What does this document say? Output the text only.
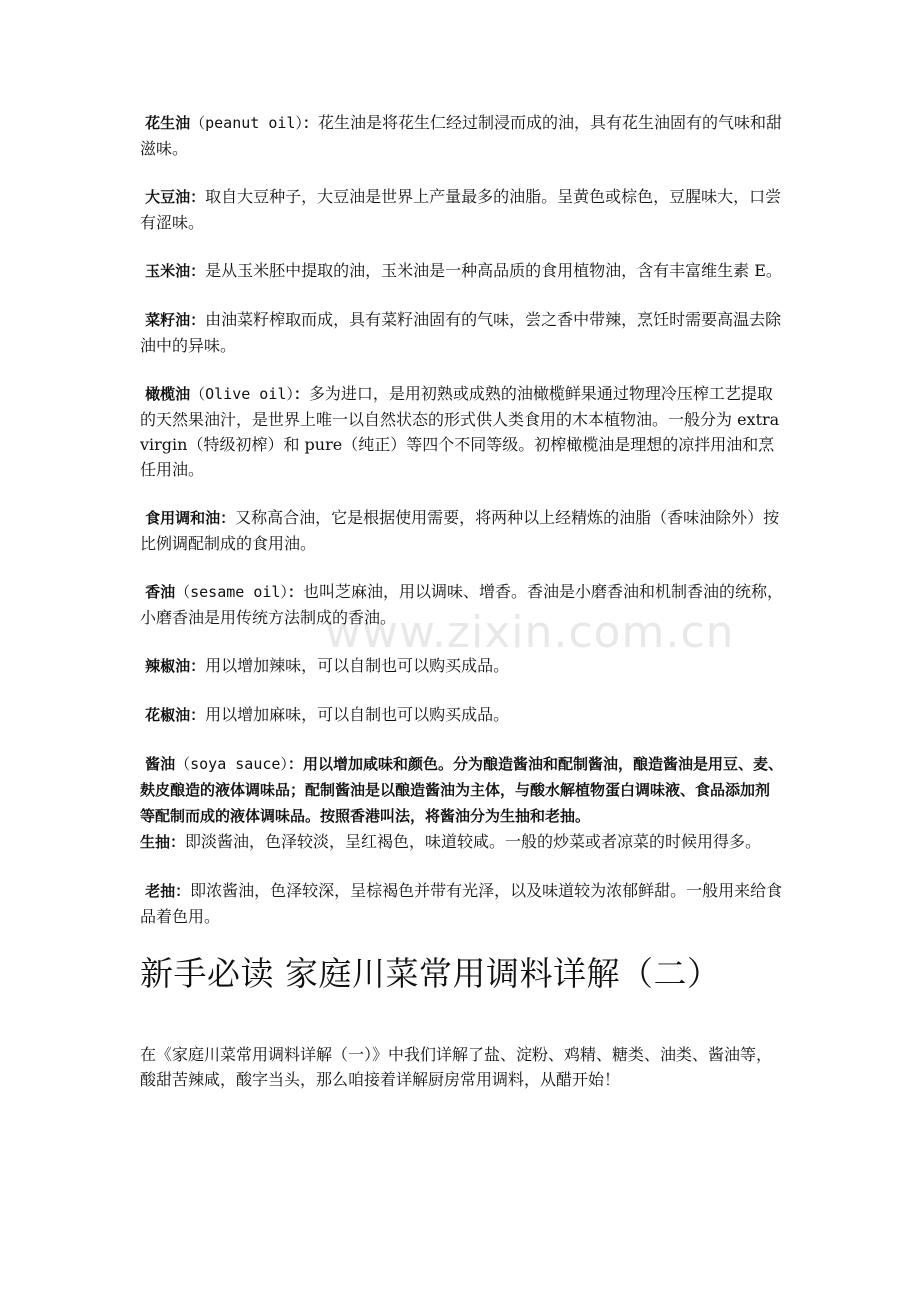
www.zixin.com.cn

花生油（peanut oil）：花生油是将花生仁经过制浸而成的油，具有花生油固有的气味和甜滋味。

大豆油：取自大豆种子，大豆油是世界上产量最多的油脂。呈黄色或棕色，豆腥味大，口尝有涩味。

玉米油：是从玉米胚中提取的油，玉米油是一种高品质的食用植物油，含有丰富维生素 E。

菜籽油：由油菜籽榨取而成，具有菜籽油固有的气味，尝之香中带辣，烹饪时需要高温去除油中的异味。

橄榄油（Olive oil）：多为进口，是用初熟或成熟的油橄榄鲜果通过物理冷压榨工艺提取的天然果油汁，是世界上唯一以自然状态的形式供人类食用的木本植物油。一般分为 extra virgin（特级初榨）和 pure（纯正）等四个不同等级。初榨橄榄油是理想的凉拌用油和烹任用油。

食用调和油：又称高合油，它是根据使用需要，将两种以上经精炼的油脂（香味油除外）按比例调配制成的食用油。

香油（sesame oil）：也叫芝麻油，用以调味、增香。香油是小磨香油和机制香油的统称，小磨香油是用传统方法制成的香油。

辣椒油：用以增加辣味，可以自制也可以购买成品。

花椒油：用以增加麻味，可以自制也可以购买成品。

酱油（soya sauce）：用以增加咸味和颜色。分为酿造酱油和配制酱油，酿造酱油是用豆、麦、麸皮酿造的液体调味品；配制酱油是以酿造酱油为主体，与酸水解植物蛋白调味液、食品添加剂等配制而成的液体调味品。按照香港叫法，将酱油分为生抽和老抽。

生抽：即淡酱油，色泽较淡，呈红褐色，味道较咸。一般的炒菜或者凉菜的时候用得多。

老抽：即浓酱油，色泽较深，呈棕褐色并带有光泽，以及味道较为浓郁鲜甜。一般用来给食品着色用。

新手必读 家庭川菜常用调料详解（二）

在《家庭川菜常用调料详解（一）》中我们详解了盐、淀粉、鸡精、糖类、油类、酱油等，酸甜苦辣咸，酸字当头，那么咱接着详解厨房常用调料，从醋开始！
